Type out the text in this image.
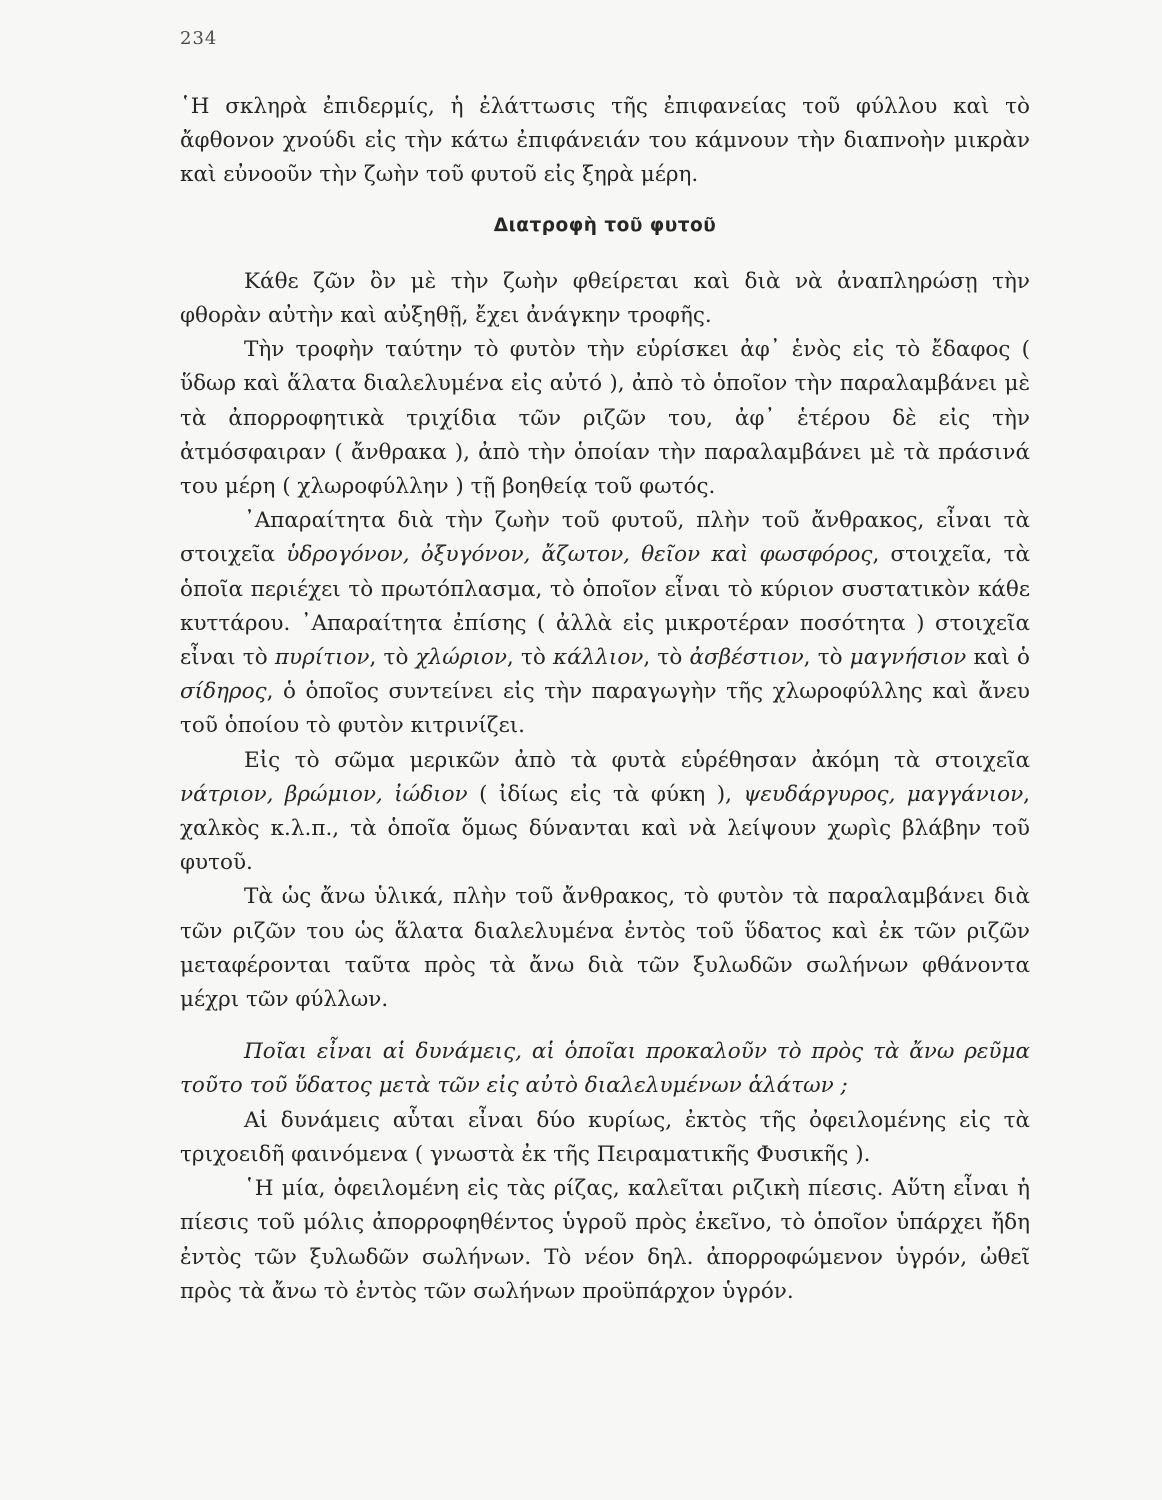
234

῾Η σκληρὰ ἐπιδερμίς, ἡ ἐλάττωσις τῆς ἐπιφανείας τοῦ φύλλου καὶ τὸ ἄφθονον χνούδι εἰς τὴν κάτω ἐπιφάνειάν του κάμνουν τὴν διαπνοὴν μικρὰν καὶ εὐνοοῦν τὴν ζωὴν τοῦ φυτοῦ εἰς ξηρὰ μέρη.

Διατροφὴ τοῦ φυτοῦ

Κάθε ζῶν ὂν μὲ τὴν ζωὴν φθείρεται καὶ διὰ νὰ ἀναπληρώσῃ τὴν φθορὰν αὐτὴν καὶ αὐξηθῇ, ἔχει ἀνάγκην τροφῆς.

Τὴν τροφὴν ταύτην τὸ φυτὸν τὴν εὑρίσκει ἀφ᾽ ἑνὸς εἰς τὸ ἔδαφος ( ὕδωρ καὶ ἅλατα διαλελυμένα εἰς αὐτό ), ἀπὸ τὸ ὁποῖον τὴν παραλαμβάνει μὲ τὰ ἀπορροφητικὰ τριχίδια τῶν ριζῶν του, ἀφ᾽ ἑτέρου δὲ εἰς τὴν ἀτμόσφαιραν ( ἄνθρακα ), ἀπὸ τὴν ὁποίαν τὴν παραλαμβάνει μὲ τὰ πράσινά του μέρη ( χλωροφύλλην ) τῇ βοηθείᾳ τοῦ φωτός.

᾿Απαραίτητα διὰ τὴν ζωὴν τοῦ φυτοῦ, πλὴν τοῦ ἄνθρακος, εἶναι τὰ στοιχεῖα ὑδρογόνον, ὀξυγόνον, ἄζωτον, θεῖον καὶ φωσφόρος, στοιχεῖα, τὰ ὁποῖα περιέχει τὸ πρωτόπλασμα, τὸ ὁποῖον εἶναι τὸ κύριον συστατικὸν κάθε κυττάρου. ᾿Απαραίτητα ἐπίσης ( ἀλλὰ εἰς μικροτέραν ποσότητα ) στοιχεῖα εἶναι τὸ πυρίτιον, τὸ χλώριον, τὸ κάλλιον, τὸ ἀσβέστιον, τὸ μαγνήσιον καὶ ὁ σίδηρος, ὁ ὁποῖος συντείνει εἰς τὴν παραγωγὴν τῆς χλωροφύλλης καὶ ἄνευ τοῦ ὁποίου τὸ φυτὸν κιτρινίζει.

Εἰς τὸ σῶμα μερικῶν ἀπὸ τὰ φυτὰ εὑρέθησαν ἀκόμη τὰ στοιχεῖα νάτριον, βρώμιον, ἰώδιον ( ἰδίως εἰς τὰ φύκη ), ψευδάργυρος, μαγγάνιον, χαλκὸς κ.λ.π., τὰ ὁποῖα ὅμως δύνανται καὶ νὰ λείψουν χωρὶς βλάβην τοῦ φυτοῦ.

Τὰ ὡς ἄνω ὑλικά, πλὴν τοῦ ἄνθρακος, τὸ φυτὸν τὰ παραλαμβάνει διὰ τῶν ριζῶν του ὡς ἅλατα διαλελυμένα ἐντὸς τοῦ ὕδατος καὶ ἐκ τῶν ριζῶν μεταφέρονται ταῦτα πρὸς τὰ ἄνω διὰ τῶν ξυλωδῶν σωλήνων φθάνοντα μέχρι τῶν φύλλων.

Ποῖαι εἶναι αἱ δυνάμεις, αἱ ὁποῖαι προκαλοῦν τὸ πρὸς τὰ ἄνω ρεῦμα τοῦτο τοῦ ὕδατος μετὰ τῶν εἰς αὐτὸ διαλελυμένων ἁλάτων ;

Αἱ δυνάμεις αὗται εἶναι δύο κυρίως, ἐκτὸς τῆς ὀφειλομένης εἰς τὰ τριχοειδῆ φαινόμενα ( γνωστὰ ἐκ τῆς Πειραματικῆς Φυσικῆς ).

῾Η μία, ὀφειλομένη εἰς τὰς ρίζας, καλεῖται ριζικὴ πίεσις. Αὕτη εἶναι ἡ πίεσις τοῦ μόλις ἀπορροφηθέντος ὑγροῦ πρὸς ἐκεῖνο, τὸ ὁποῖον ὑπάρχει ἤδη ἐντὸς τῶν ξυλωδῶν σωλήνων. Τὸ νέον δηλ. ἀπορροφώμενον ὑγρόν, ὠθεῖ πρὸς τὰ ἄνω τὸ ἐντὸς τῶν σωλήνων προϋπάρχον ὑγρόν.
